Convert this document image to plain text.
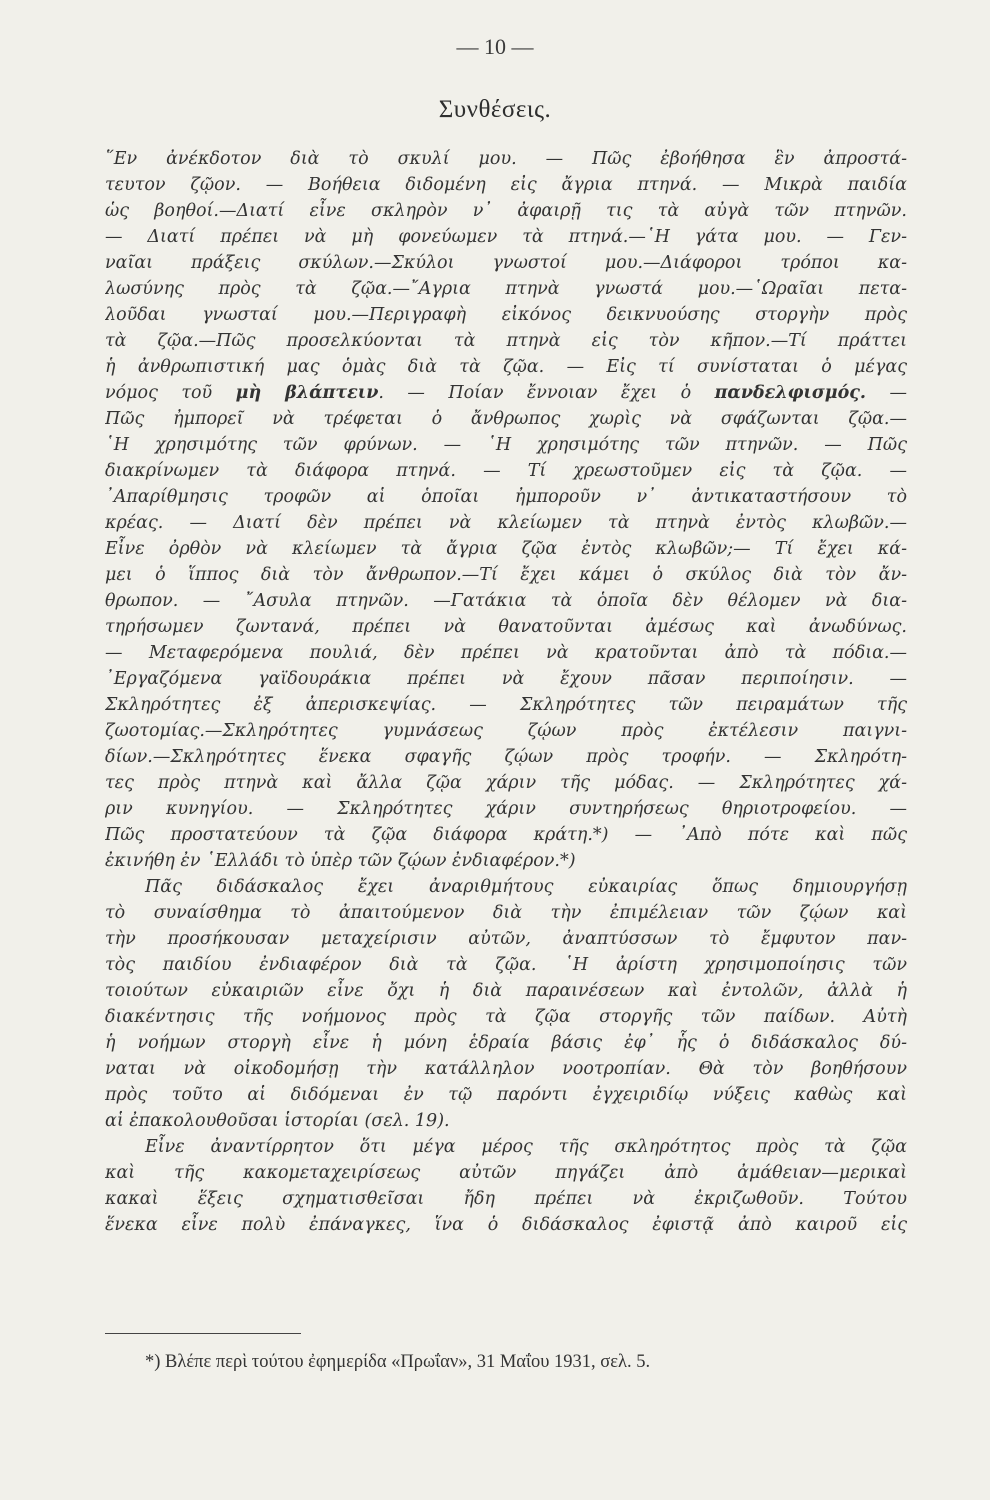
— 10 —
Συνθέσεις.
῞Εν ἀνέκδοτον διὰ τὸ σκυλί μου. — Πῶς ἐβοήθησα ἓν ἀπροστά-
τευτον ζῷον. — Βοήθεια διδομένη εἰς ἄγρια πτηνά. — Μικρὰ παιδία
ὡς βοηθοί.—Διατί εἶνε σκληρὸν ν᾽ ἀφαιρῇ τις τὰ αὐγὰ τῶν πτηνῶν.
— Διατί πρέπει νὰ μὴ φονεύωμεν τὰ πτηνά.—῾Η γάτα μου. — Γεν-
ναῖαι πράξεις σκύλων.—Σκύλοι γνωστοί μου.—Διάφοροι τρόποι κα-
λωσύνης πρὸς τὰ ζῷα.—῎Αγρια πτηνὰ γνωστά μου.—῾Ωραῖαι πετα-
λοῦδαι γνωσταί μου.—Περιγραφὴ εἰκόνος δεικνυούσης στοργὴν πρὸς
τὰ ζῷα.—Πῶς προσελκύονται τὰ πτηνὰ εἰς τὸν κῆπον.—Τί πράττει
ἡ ἀνθρωπιστική μας ὁμὰς διὰ τὰ ζῷα. — Εἰς τί συνίσταται ὁ μέγας
νόμος τοῦ μὴ βλάπτειν. — Ποίαν ἔννοιαν ἔχει ὁ πανδελφισμός. —
Πῶς ἠμπορεῖ νὰ τρέφεται ὁ ἄνθρωπος χωρὶς νὰ σφάζωνται ζῷα.—
῾Η χρησιμότης τῶν φρύνων. — ῾Η χρησιμότης τῶν πτηνῶν. — Πῶς
διακρίνωμεν τὰ διάφορα πτηνά. — Τί χρεωστοῦμεν εἰς τὰ ζῷα. —
᾽Απαρίθμησις τροφῶν αἱ ὁποῖαι ἠμποροῦν ν᾽ ἀντικαταστήσουν τὸ
κρέας. — Διατί δὲν πρέπει νὰ κλείωμεν τὰ πτηνὰ ἐντὸς κλωβῶν.—
Εἶνε ὀρθὸν νὰ κλείωμεν τὰ ἄγρια ζῷα ἐντὸς κλωβῶν;— Τί ἔχει κά-
μει ὁ ἵππος διὰ τὸν ἄνθρωπον.—Τί ἔχει κάμει ὁ σκύλος διὰ τὸν ἄν-
θρωπον. — ῎Ασυλα πτηνῶν. —Γατάκια τὰ ὁποῖα δὲν θέλομεν νὰ δια-
τηρήσωμεν ζωντανά, πρέπει νὰ θανατοῦνται ἀμέσως καὶ ἀνωδύνως.
— Μεταφερόμενα πουλιά, δὲν πρέπει νὰ κρατοῦνται ἀπὸ τὰ πόδια.—
᾽Εργαζόμενα γαϊδουράκια πρέπει νὰ ἔχουν πᾶσαν περιποίησιν. —
Σκληρότητες ἐξ ἀπερισκεψίας. — Σκληρότητες τῶν πειραμάτων τῆς
ζωοτομίας.—Σκληρότητες γυμνάσεως ζῴων πρὸς ἐκτέλεσιν παιγνι-
δίων.—Σκληρότητες ἕνεκα σφαγῆς ζῴων πρὸς τροφήν. — Σκληρότη-
τες πρὸς πτηνὰ καὶ ἄλλα ζῷα χάριν τῆς μόδας. — Σκληρότητες χά-
ριν κυνηγίου. — Σκληρότητες χάριν συντηρήσεως θηριοτροφείου. —
Πῶς προστατεύουν τὰ ζῷα διάφορα κράτη.*) — ᾽Απὸ πότε καὶ πῶς
ἐκινήθη ἐν ῾Ελλάδι τὸ ὑπὲρ τῶν ζῴων ἐνδιαφέρον.*)
Πᾶς διδάσκαλος ἔχει ἀναριθμήτους εὐκαιρίας ὅπως δημιουργήσῃ
τὸ συναίσθημα τὸ ἀπαιτούμενον διὰ τὴν ἐπιμέλειαν τῶν ζῴων καὶ
τὴν προσήκουσαν μεταχείρισιν αὐτῶν, ἀναπτύσσων τὸ ἔμφυτον παν-
τὸς παιδίου ἐνδιαφέρον διὰ τὰ ζῷα. ῾Η ἀρίστη χρησιμοποίησις τῶν
τοιούτων εὐκαιριῶν εἶνε ὄχι ἡ διὰ παραινέσεων καὶ ἐντολῶν, ἀλλὰ ἡ
διακέντησις τῆς νοήμονος πρὸς τὰ ζῷα στοργῆς τῶν παίδων. Αὐτὴ
ἡ νοήμων στοργὴ εἶνε ἡ μόνη ἑδραία βάσις ἐφ᾽ ἧς ὁ διδάσκαλος δύ-
ναται νὰ οἰκοδομήσῃ τὴν κατάλληλον νοοτροπίαν. Θὰ τὸν βοηθήσουν
πρὸς τοῦτο αἱ διδόμεναι ἐν τῷ παρόντι ἐγχειριδίῳ νύξεις καθὼς καὶ
αἱ ἐπακολουθοῦσαι ἱστορίαι (σελ. 19).
Εἶνε ἀναντίρρητον ὅτι μέγα μέρος τῆς σκληρότητος πρὸς τὰ ζῷα
καὶ τῆς κακομεταχειρίσεως αὐτῶν πηγάζει ἀπὸ ἀμάθειαν—μερικαὶ
κακαὶ ἕξεις σχηματισθεῖσαι ἤδη πρέπει νὰ ἐκριζωθοῦν. Τούτου
ἕνεκα εἶνε πολὺ ἐπάναγκες, ἵνα ὁ διδάσκαλος ἐφιστᾷ ἀπὸ καιροῦ εἰς
*) Βλέπε περὶ τούτου ἐφημερίδα «Πρωΐαν», 31 Μαΐου 1931, σελ. 5.
